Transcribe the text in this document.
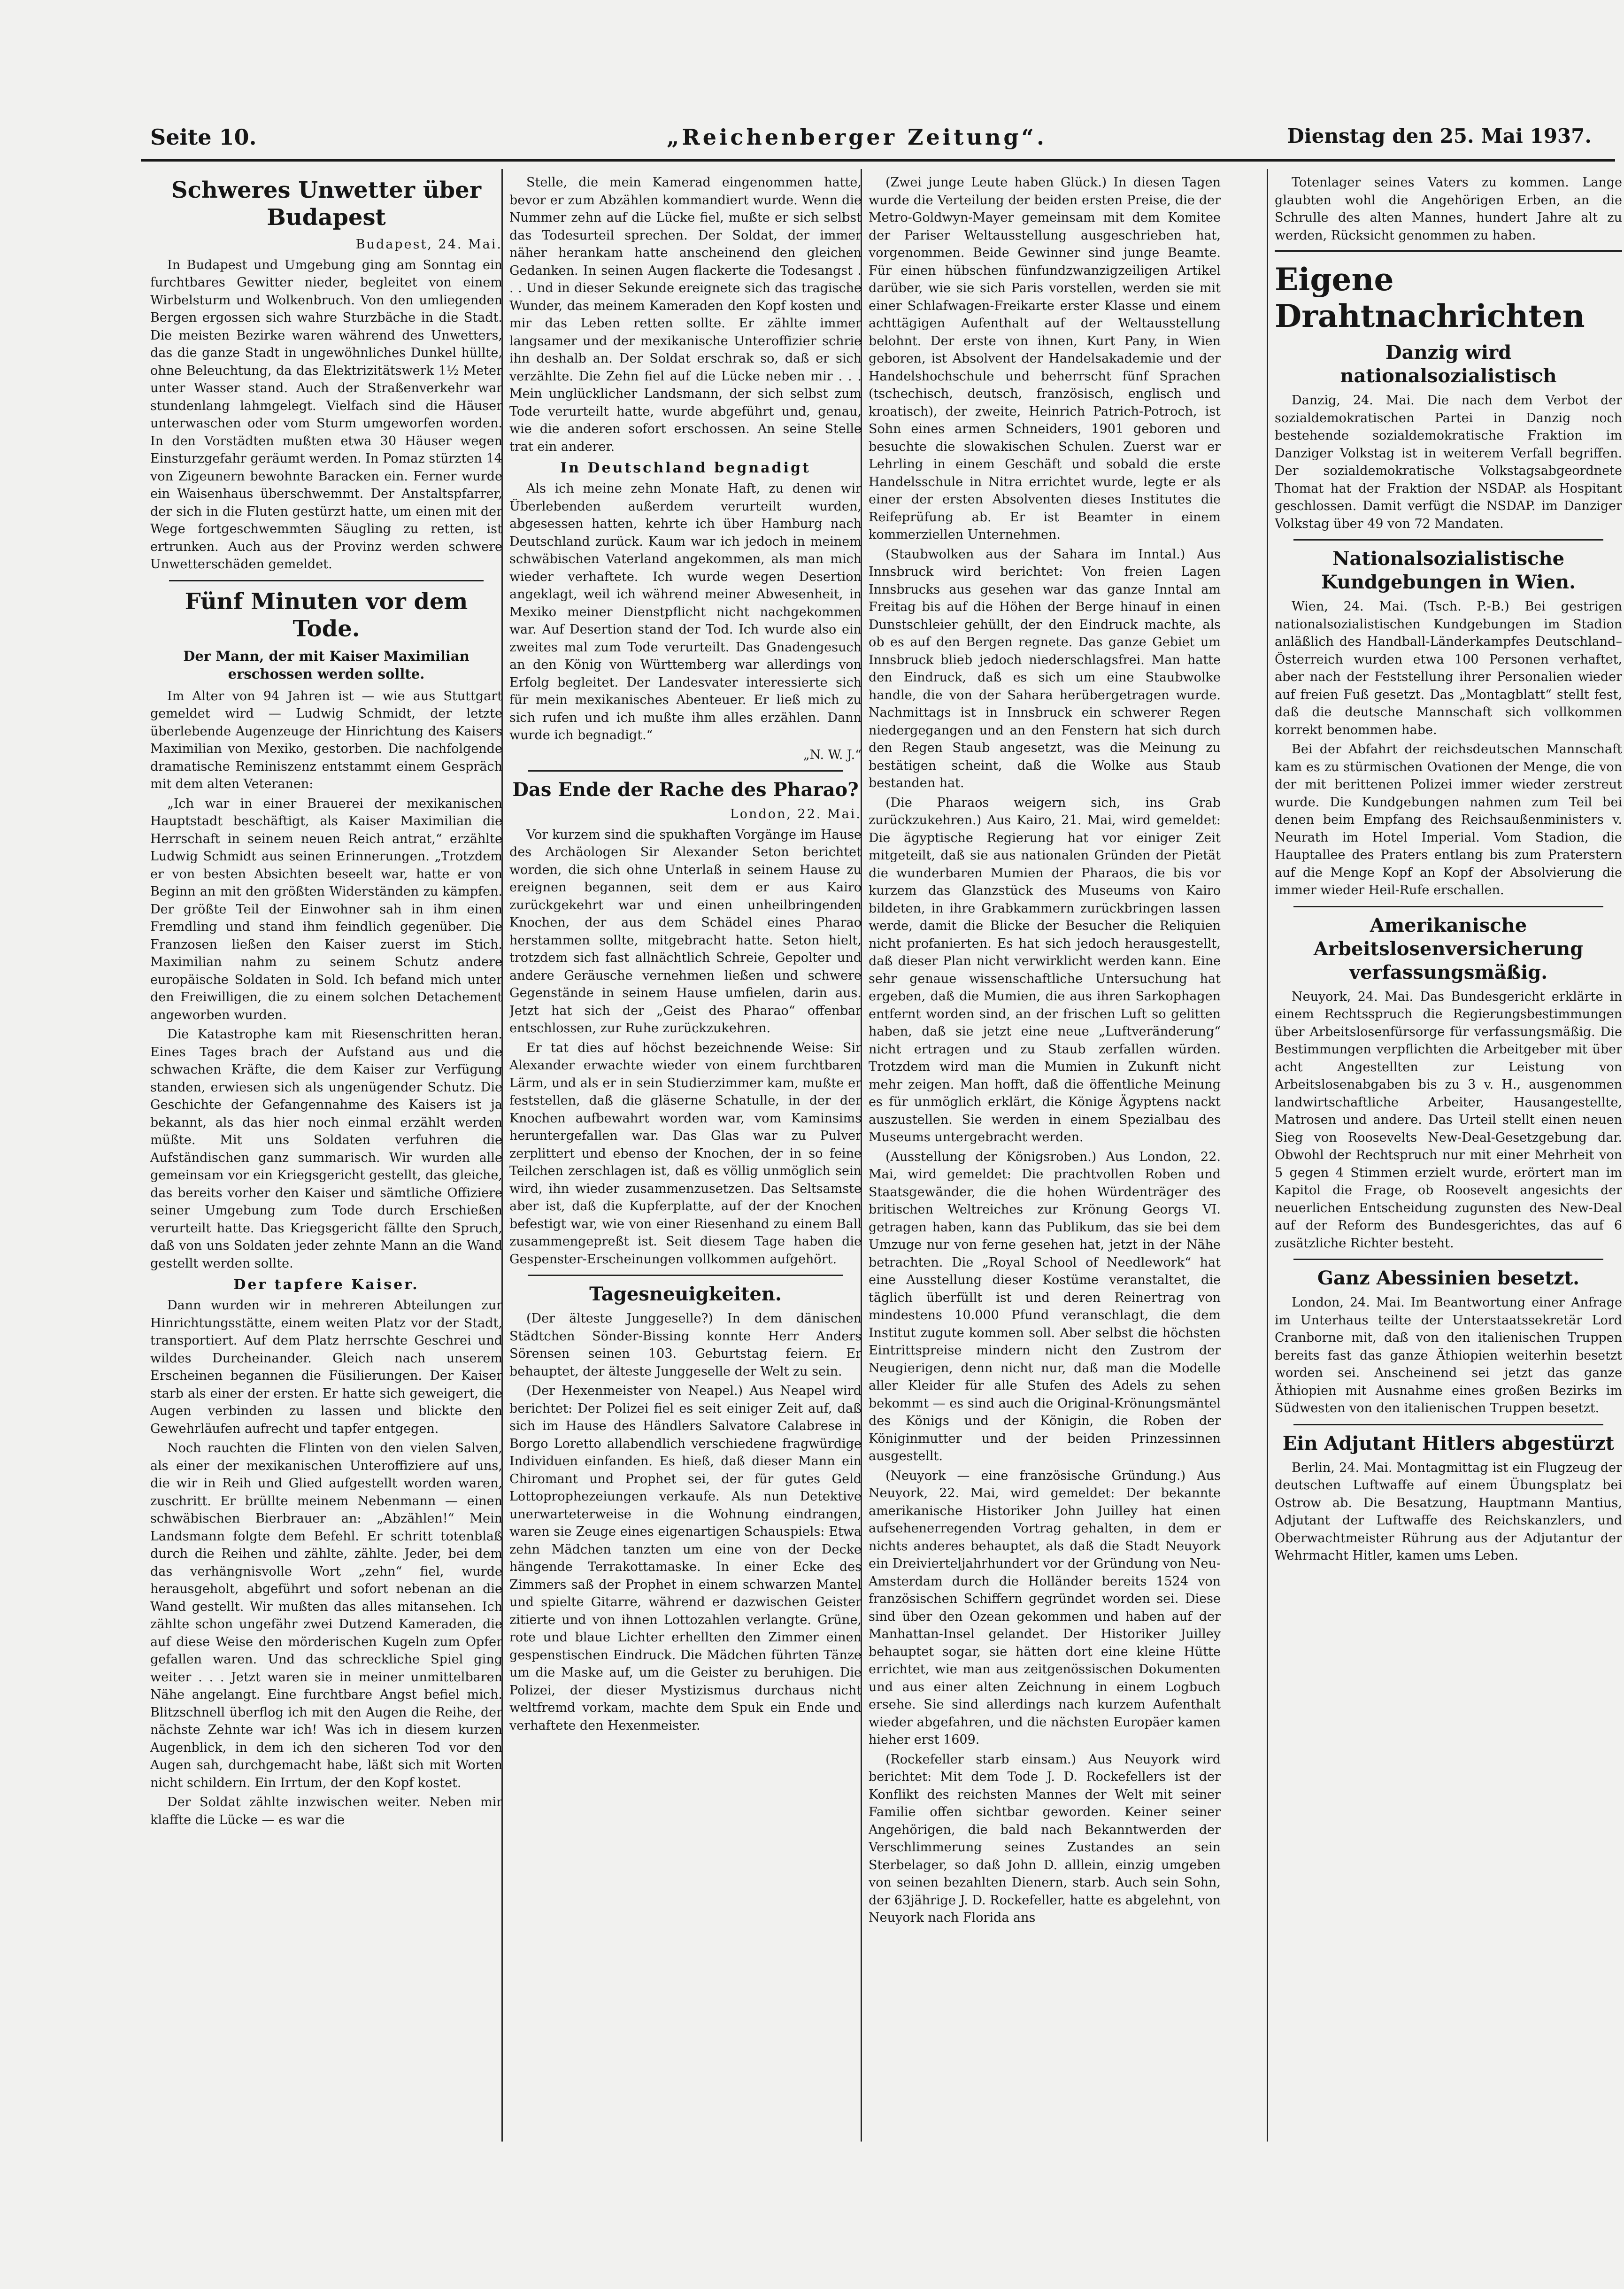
Seite 10.	„Reichenberger Zeitung“.	Dienstag den 25. Mai 1937.
Schweres Unwetter über Budapest
Budapest, 24. Mai.

In Budapest und Umgebung ging am Sonntag ein furchtbares Gewitter nieder, begleitet von einem Wirbelsturm und Wolkenbruch. Von den umliegenden Bergen ergossen sich wahre Sturzbäche in die Stadt. Die meisten Bezirke waren während des Unwetters, das die ganze Stadt in ungewöhnliches Dunkel hüllte, ohne Beleuchtung, da das Elektrizitätswerk 1½ Meter unter Wasser stand. Auch der Straßenverkehr war stundenlang lahmgelegt. Vielfach sind die Häuser unterwaschen oder vom Sturm umgeworfen worden. In den Vorstädten mußten etwa 30 Häuser wegen Einsturzgefahr geräumt werden. In Pomaz stürzten 14 von Zigeunern bewohnte Baracken ein. Ferner wurde ein Waisenhaus überschwemmt. Der Anstaltspfarrer, der sich in die Fluten gestürzt hatte, um einen mit der Wege fortgeschwemmten Säugling zu retten, ist ertrunken. Auch aus der Provinz werden schwere Unwetterschäden gemeldet.

Fünf Minuten vor dem Tode.
Der Mann, der mit Kaiser Maximilian erschossen werden sollte.

Im Alter von 94 Jahren ist — wie aus Stuttgart gemeldet wird — Ludwig Schmidt, der letzte überlebende Augenzeuge der Hinrichtung des Kaisers Maximilian von Mexiko, gestorben. Die nachfolgende dramatische Reminiszenz entstammt einem Gespräch mit dem alten Veteranen:

„Ich war in einer Brauerei der mexikanischen Hauptstadt beschäftigt, als Kaiser Maximilian die Herrschaft in seinem neuen Reich antrat,“ erzählte Ludwig Schmidt aus seinen Erinnerungen. „Trotzdem er von besten Absichten beseelt war, hatte er von Beginn an mit den größten Widerständen zu kämpfen. Der größte Teil der Einwohner sah in ihm einen Fremdling und stand ihm feindlich gegenüber. Die Franzosen ließen den Kaiser zuerst im Stich. Maximilian nahm zu seinem Schutz andere europäische Soldaten in Sold. Ich befand mich unter den Freiwilligen, die zu einem solchen Detachement angeworben wurden.

Die Katastrophe kam mit Riesenschritten heran. Eines Tages brach der Aufstand aus und die schwachen Kräfte, die dem Kaiser zur Verfügung standen, erwiesen sich als ungenügender Schutz. Die Geschichte der Gefangennahme des Kaisers ist ja bekannt, als das hier noch einmal erzählt werden müßte. Mit uns Soldaten verfuhren die Aufständischen ganz summarisch. Wir wurden alle gemeinsam vor ein Kriegsgericht gestellt, das gleiche, das bereits vorher den Kaiser und sämtliche Offiziere seiner Umgebung zum Tode durch Erschießen verurteilt hatte. Das Kriegsgericht fällte den Spruch, daß von uns Soldaten jeder zehnte Mann an die Wand gestellt werden sollte.

Der tapfere Kaiser.

Dann wurden wir in mehreren Abteilungen zur Hinrichtungsstätte, einem weiten Platz vor der Stadt, transportiert. Auf dem Platz herrschte Geschrei und wildes Durcheinander. Gleich nach unserem Erscheinen begannen die Füsilierungen. Der Kaiser starb als einer der ersten. Er hatte sich geweigert, die Augen verbinden zu lassen und blickte den Gewehrläufen aufrecht und tapfer entgegen.

Noch rauchten die Flinten von den vielen Salven, als einer der mexikanischen Unteroffiziere auf uns, die wir in Reih und Glied aufgestellt worden waren, zuschritt. Er brüllte meinem Nebenmann — einen schwäbischen Bierbrauer an: „Abzählen!“ Mein Landsmann folgte dem Befehl. Er schritt totenblaß durch die Reihen und zählte, zählte. Jeder, bei dem das verhängnisvolle Wort „zehn“ fiel, wurde herausgeholt, abgeführt und sofort nebenan an die Wand gestellt. Wir mußten das alles mitansehen. Ich zählte schon ungefähr zwei Dutzend Kameraden, die auf diese Weise den mörderischen Kugeln zum Opfer gefallen waren. Und das schreckliche Spiel ging weiter . . . Jetzt waren sie in meiner unmittelbaren Nähe angelangt. Eine furchtbare Angst befiel mich. Blitzschnell überflog ich mit den Augen die Reihe, der nächste Zehnte war ich! Was ich in diesem kurzen Augenblick, in dem ich den sicheren Tod vor den Augen sah, durchgemacht habe, läßt sich mit Worten nicht schildern. Ein Irrtum, der den Kopf kostet.

Der Soldat zählte inzwischen weiter. Neben mir klaffte die Lücke — es war die

Stelle, die mein Kamerad eingenommen hatte, bevor er zum Abzählen kommandiert wurde. Wenn die Nummer zehn auf die Lücke fiel, mußte er sich selbst das Todesurteil sprechen. Der Soldat, der immer näher herankam hatte anscheinend den gleichen Gedanken. In seinen Augen flackerte die Todesangst . . . Und in dieser Sekunde ereignete sich das tragische Wunder, das meinem Kameraden den Kopf kosten und mir das Leben retten sollte. Er zählte immer langsamer und der mexikanische Unteroffizier schrie ihn deshalb an. Der Soldat erschrak so, daß er sich verzählte. Die Zehn fiel auf die Lücke neben mir . . . Mein unglücklicher Landsmann, der sich selbst zum Tode verurteilt hatte, wurde abgeführt und, genau, wie die anderen sofort erschossen. An seine Stelle trat ein anderer.

In Deutschland begnadigt

Als ich meine zehn Monate Haft, zu denen wir Überlebenden außerdem verurteilt wurden, abgesessen hatten, kehrte ich über Hamburg nach Deutschland zurück. Kaum war ich jedoch in meinem schwäbischen Vaterland angekommen, als man mich wieder verhaftete. Ich wurde wegen Desertion angeklagt, weil ich während meiner Abwesenheit, in Mexiko meiner Dienstpflicht nicht nachgekommen war. Auf Desertion stand der Tod. Ich wurde also ein zweites mal zum Tode verurteilt. Das Gnadengesuch an den König von Württemberg war allerdings von Erfolg begleitet. Der Landesvater interessierte sich für mein mexikanisches Abenteuer. Er ließ mich zu sich rufen und ich mußte ihm alles erzählen. Dann wurde ich begnadigt.“

„N. W. J.“
Das Ende der Rache des Pharao?
London, 22. Mai.

Vor kurzem sind die spukhaften Vorgänge im Hause des Archäologen Sir Alexander Seton berichtet worden, die sich ohne Unterlaß in seinem Hause zu ereignen begannen, seit dem er aus Kairo zurückgekehrt war und einen unheilbringenden Knochen, der aus dem Schädel eines Pharao herstammen sollte, mitgebracht hatte. Seton hielt, trotzdem sich fast allnächtlich Schreie, Gepolter und andere Geräusche vernehmen ließen und schwere Gegenstände in seinem Hause umfielen, darin aus. Jetzt hat sich der „Geist des Pharao“ offenbar entschlossen, zur Ruhe zurückzukehren.

Er tat dies auf höchst bezeichnende Weise: Sir Alexander erwachte wieder von einem furchtbaren Lärm, und als er in sein Studierzimmer kam, mußte er feststellen, daß die gläserne Schatulle, in der der Knochen aufbewahrt worden war, vom Kaminsims heruntergefallen war. Das Glas war zu Pulver zerplittert und ebenso der Knochen, der in so feine Teilchen zerschlagen ist, daß es völlig unmöglich sein wird, ihn wieder zusammenzusetzen. Das Seltsamste aber ist, daß die Kupferplatte, auf der der Knochen befestigt war, wie von einer Riesenhand zu einem Ball zusammengepreßt ist. Seit diesem Tage haben die Gespenster-Erscheinungen vollkommen aufgehört.

Tagesneuigkeiten.

(Der älteste Junggeselle?) In dem dänischen Städtchen Sönder-Bissing konnte Herr Anders Sörensen seinen 103. Geburtstag feiern. Er behauptet, der älteste Junggeselle der Welt zu sein.

(Der Hexenmeister von Neapel.) Aus Neapel wird berichtet: Der Polizei fiel es seit einiger Zeit auf, daß sich im Hause des Händlers Salvatore Calabrese in Borgo Loretto allabendlich verschiedene fragwürdige Individuen einfanden. Es hieß, daß dieser Mann ein Chiromant und Prophet sei, der für gutes Geld Lottoprophezeiungen verkaufe. Als nun Detektive unerwarteterweise in die Wohnung eindrangen, waren sie Zeuge eines eigenartigen Schauspiels: Etwa zehn Mädchen tanzten um eine von der Decke hängende Terrakottamaske. In einer Ecke des Zimmers saß der Prophet in einem schwarzen Mantel und spielte Gitarre, während er dazwischen Geister zitierte und von ihnen Lottozahlen verlangte. Grüne, rote und blaue Lichter erhellten den Zimmer einen gespenstischen Eindruck. Die Mädchen führten Tänze um die Maske auf, um die Geister zu beruhigen. Die Polizei, der dieser Mystizismus durchaus nicht weltfremd vorkam, machte dem Spuk ein Ende und verhaftete den Hexenmeister.

(Zwei junge Leute haben Glück.) In diesen Tagen wurde die Verteilung der beiden ersten Preise, die der Metro-Goldwyn-Mayer gemeinsam mit dem Komitee der Pariser Weltausstellung ausgeschrieben hat, vorgenommen. Beide Gewinner sind junge Beamte. Für einen hübschen fünfundzwanzigzeiligen Artikel darüber, wie sie sich Paris vorstellen, werden sie mit einer Schlafwagen-Freikarte erster Klasse und einem achttägigen Aufenthalt auf der Weltausstellung belohnt. Der erste von ihnen, Kurt Pany, in Wien geboren, ist Absolvent der Handelsakademie und der Handelshochschule und beherrscht fünf Sprachen (tschechisch, deutsch, französisch, englisch und kroatisch), der zweite, Heinrich Patrich-Potroch, ist Sohn eines armen Schneiders, 1901 geboren und besuchte die slowakischen Schulen. Zuerst war er Lehrling in einem Geschäft und sobald die erste Handelsschule in Nitra errichtet wurde, legte er als einer der ersten Absolventen dieses Institutes die Reifeprüfung ab. Er ist Beamter in einem kommerziellen Unternehmen.

(Staubwolken aus der Sahara im Inntal.) Aus Innsbruck wird berichtet: Von freien Lagen Innsbrucks aus gesehen war das ganze Inntal am Freitag bis auf die Höhen der Berge hinauf in einen Dunstschleier gehüllt, der den Eindruck machte, als ob es auf den Bergen regnete. Das ganze Gebiet um Innsbruck blieb jedoch niederschlagsfrei. Man hatte den Eindruck, daß es sich um eine Staubwolke handle, die von der Sahara herübergetragen wurde. Nachmittags ist in Innsbruck ein schwerer Regen niedergegangen und an den Fenstern hat sich durch den Regen Staub angesetzt, was die Meinung zu bestätigen scheint, daß die Wolke aus Staub bestanden hat.

(Die Pharaos weigern sich, ins Grab zurückzukehren.) Aus Kairo, 21. Mai, wird gemeldet: Die ägyptische Regierung hat vor einiger Zeit mitgeteilt, daß sie aus nationalen Gründen der Pietät die wunderbaren Mumien der Pharaos, die bis vor kurzem das Glanzstück des Museums von Kairo bildeten, in ihre Grabkammern zurückbringen lassen werde, damit die Blicke der Besucher die Reliquien nicht profanierten. Es hat sich jedoch herausgestellt, daß dieser Plan nicht verwirklicht werden kann. Eine sehr genaue wissenschaftliche Untersuchung hat ergeben, daß die Mumien, die aus ihren Sarkophagen entfernt worden sind, an der frischen Luft so gelitten haben, daß sie jetzt eine neue „Luftveränderung“ nicht ertragen und zu Staub zerfallen würden. Trotzdem wird man die Mumien in Zukunft nicht mehr zeigen. Man hofft, daß die öffentliche Meinung es für unmöglich erklärt, die Könige Ägyptens nackt auszustellen. Sie werden in einem Spezialbau des Museums untergebracht werden.

(Ausstellung der Königsroben.) Aus London, 22. Mai, wird gemeldet: Die prachtvollen Roben und Staatsgewänder, die die hohen Würdenträger des britischen Weltreiches zur Krönung Georgs VI. getragen haben, kann das Publikum, das sie bei dem Umzuge nur von ferne gesehen hat, jetzt in der Nähe betrachten. Die „Royal School of Needlework“ hat eine Ausstellung dieser Kostüme veranstaltet, die täglich überfüllt ist und deren Reinertrag von mindestens 10.000 Pfund veranschlagt, die dem Institut zugute kommen soll. Aber selbst die höchsten Eintrittspreise mindern nicht den Zustrom der Neugierigen, denn nicht nur, daß man die Modelle aller Kleider für alle Stufen des Adels zu sehen bekommt — es sind auch die Original-Krönungsmäntel des Königs und der Königin, die Roben der Königinmutter und der beiden Prinzessinnen ausgestellt.

(Neuyork — eine französische Gründung.) Aus Neuyork, 22. Mai, wird gemeldet: Der bekannte amerikanische Historiker John Juilley hat einen aufsehenerregenden Vortrag gehalten, in dem er nichts anderes behauptet, als daß die Stadt Neuyork ein Dreivierteljahrhundert vor der Gründung von Neu-Amsterdam durch die Holländer bereits 1524 von französischen Schiffern gegründet worden sei. Diese sind über den Ozean gekommen und haben auf der Manhattan-Insel gelandet. Der Historiker Juilley behauptet sogar, sie hätten dort eine kleine Hütte errichtet, wie man aus zeitgenössischen Dokumenten und aus einer alten Zeichnung in einem Logbuch ersehe. Sie sind allerdings nach kurzem Aufenthalt wieder abgefahren, und die nächsten Europäer kamen hieher erst 1609.

(Rockefeller starb einsam.) Aus Neuyork wird berichtet: Mit dem Tode J. D. Rockefellers ist der Konflikt des reichsten Mannes der Welt mit seiner Familie offen sichtbar geworden. Keiner seiner Angehörigen, die bald nach Bekanntwerden der Verschlimmerung seines Zustandes an sein Sterbelager, so daß John D. alllein, einzig umgeben von seinen bezahlten Dienern, starb. Auch sein Sohn, der 63jährige J. D. Rockefeller, hatte es abgelehnt, von Neuyork nach Florida ans

Totenlager seines Vaters zu kommen. Lange glaubten wohl die Angehörigen Erben, an die Schrulle des alten Mannes, hundert Jahre alt zu werden, Rücksicht genommen zu haben.

Eigene Drahtnachrichten
Danzig wird nationalsozialistisch

Danzig, 24. Mai. Die nach dem Verbot der sozialdemokratischen Partei in Danzig noch bestehende sozialdemokratische Fraktion im Danziger Volkstag ist in weiterem Verfall begriffen. Der sozialdemokratische Volkstagsabgeordnete Thomat hat der Fraktion der NSDAP. als Hospitant geschlossen. Damit verfügt die NSDAP. im Danziger Volkstag über 49 von 72 Mandaten.

Nationalsozialistische Kundgebungen in Wien.

Wien, 24. Mai. (Tsch. P.-B.) Bei gestrigen nationalsozialistischen Kundgebungen im Stadion anläßlich des Handball-Länderkampfes Deutschland–Österreich wurden etwa 100 Personen verhaftet, aber nach der Feststellung ihrer Personalien wieder auf freien Fuß gesetzt. Das „Montagblatt“ stellt fest, daß die deutsche Mannschaft sich vollkommen korrekt benommen habe.

Bei der Abfahrt der reichsdeutschen Mannschaft kam es zu stürmischen Ovationen der Menge, die von der mit berittenen Polizei immer wieder zerstreut wurde. Die Kundgebungen nahmen zum Teil bei denen beim Empfang des Reichsaußenministers v. Neurath im Hotel Imperial. Vom Stadion, die Hauptallee des Praters entlang bis zum Praterstern auf die Menge Kopf an Kopf der Absolvierung die immer wieder Heil-Rufe erschallen.

Amerikanische Arbeitslosenversicherung verfassungsmäßig.

Neuyork, 24. Mai. Das Bundesgericht erklärte in einem Rechtsspruch die Regierungsbestimmungen über Arbeitslosenfürsorge für verfassungsmäßig. Die Bestimmungen verpflichten die Arbeitgeber mit über acht Angestellten zur Leistung von Arbeitslosenabgaben bis zu 3 v. H., ausgenommen landwirtschaftliche Arbeiter, Hausangestellte, Matrosen und andere. Das Urteil stellt einen neuen Sieg von Roosevelts New-Deal-Gesetzgebung dar. Obwohl der Rechtspruch nur mit einer Mehrheit von 5 gegen 4 Stimmen erzielt wurde, erörtert man im Kapitol die Frage, ob Roosevelt angesichts der neuerlichen Entscheidung zugunsten des New-Deal auf der Reform des Bundesgerichtes, das auf 6 zusätzliche Richter besteht.

Ganz Abessinien besetzt.

London, 24. Mai. Im Beantwortung einer Anfrage im Unterhaus teilte der Unterstaatssekretär Lord Cranborne mit, daß von den italienischen Truppen bereits fast das ganze Äthiopien weiterhin besetzt worden sei. Anscheinend sei jetzt das ganze Äthiopien mit Ausnahme eines großen Bezirks im Südwesten von den italienischen Truppen besetzt.

Ein Adjutant Hitlers abgestürzt

Berlin, 24. Mai. Montagmittag ist ein Flugzeug der deutschen Luftwaffe auf einem Übungsplatz bei Ostrow ab. Die Besatzung, Hauptmann Mantius, Adjutant der Luftwaffe des Reichskanzlers, und Oberwachtmeister Rührung aus der Adjutantur der Wehrmacht Hitler, kamen ums Leben.
